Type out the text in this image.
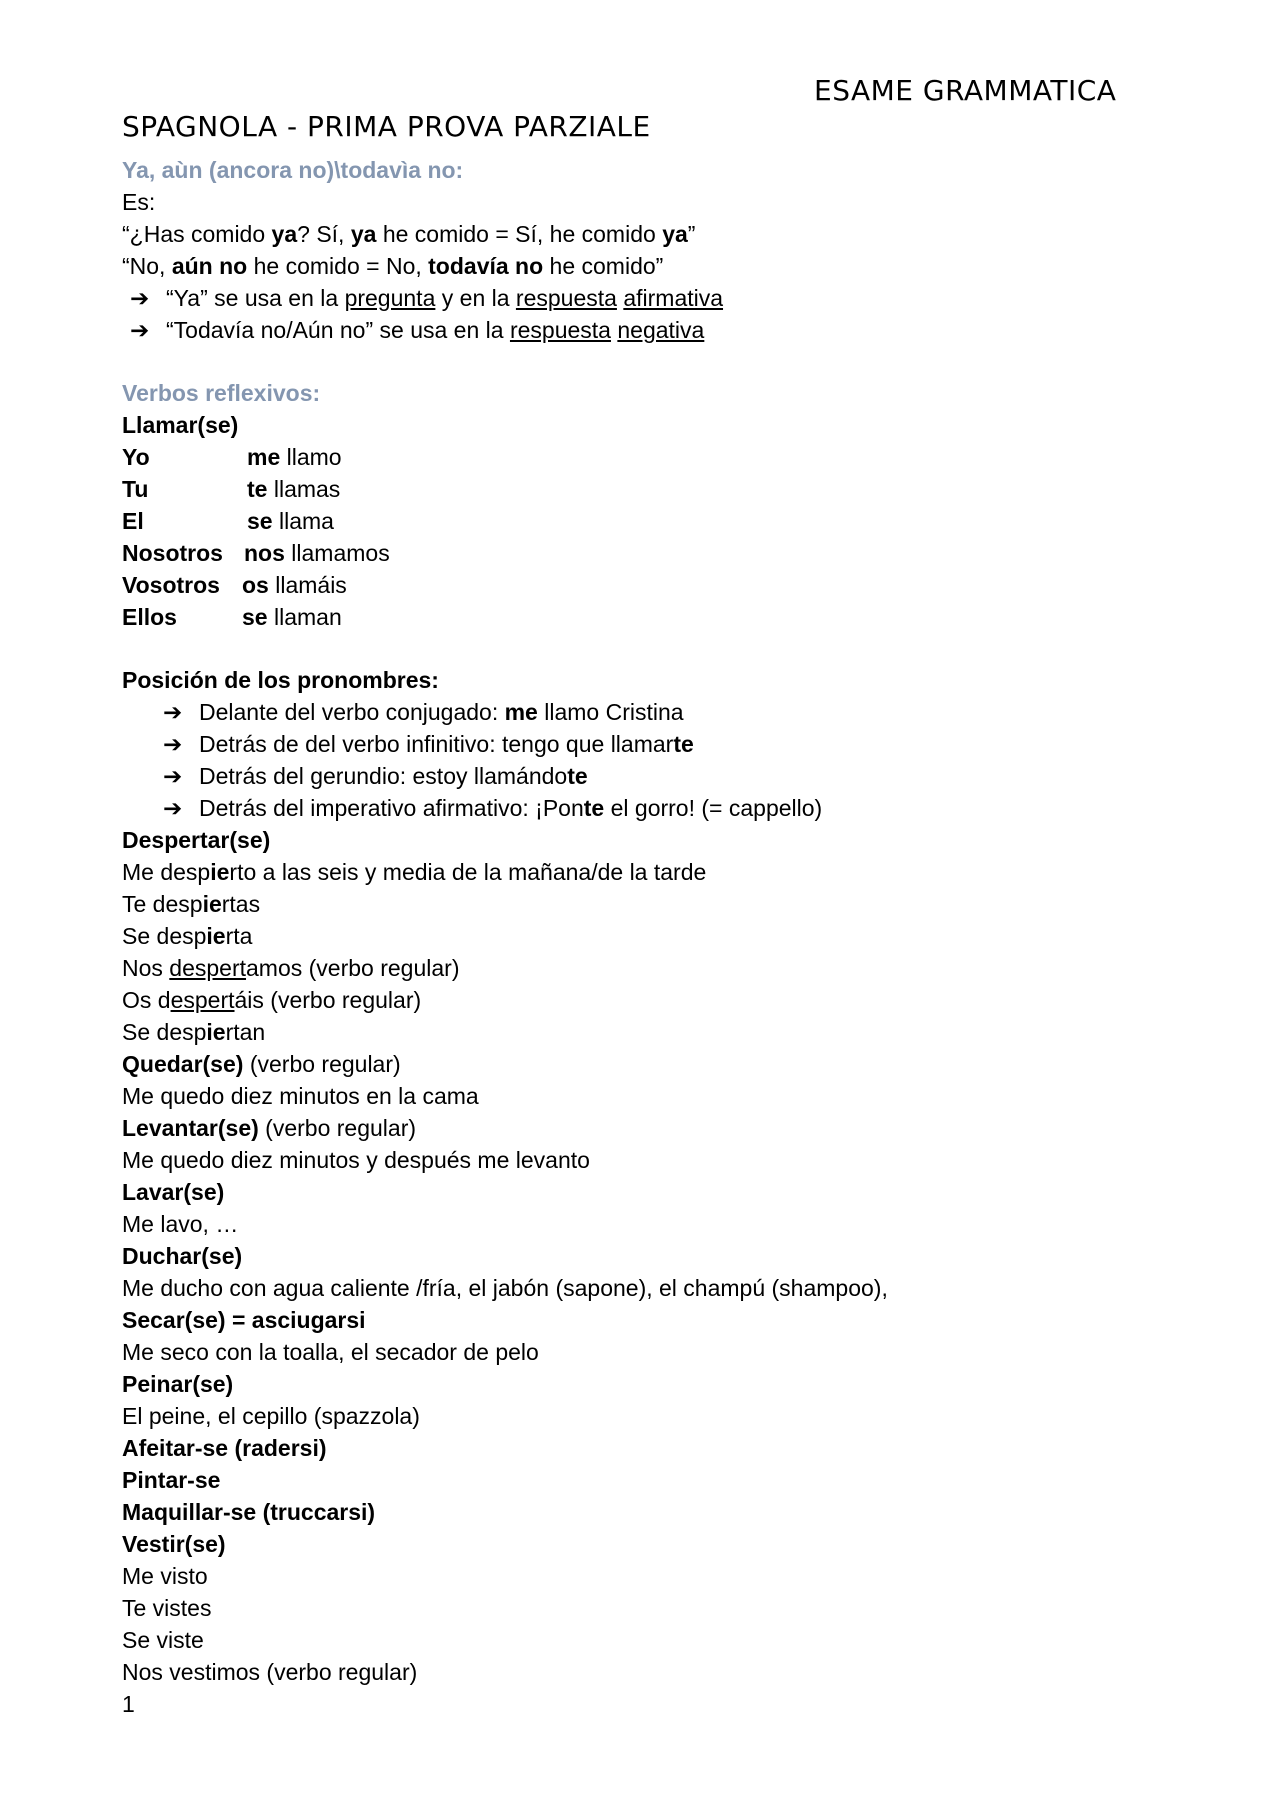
ESAME GRAMMATICA
SPAGNOLA - PRIMA PROVA PARZIALE
Ya, aùn (ancora no)\todavìa no:
Es:
“¿Has comido ya? Sí, ya he comido = Sí, he comido ya”
“No, aún no he comido = No, todavía no he comido”
➔ “Ya” se usa en la pregunta y en la respuesta afirmativa
➔ “Todavía no/Aún no” se usa en la respuesta negativa
Verbos reflexivos:
Llamar(se)
Yo	me llamo
Tu	te llamas
El	se llama
Nosotros nos llamamos
Vosotros os llamáis
Ellos	se llaman
Posición de los pronombres:
➔ Delante del verbo conjugado: me llamo Cristina
➔ Detrás de del verbo infinitivo: tengo que llamarte
➔ Detrás del gerundio: estoy llamándote
➔ Detrás del imperativo afirmativo: ¡Ponte el gorro! (= cappello)
Despertar(se)
Me despierto a las seis y media de la mañana/de la tarde
Te despiertas
Se despierta
Nos despertamos (verbo regular)
Os despertáis (verbo regular)
Se despiertan
Quedar(se) (verbo regular)
Me quedo diez minutos en la cama
Levantar(se) (verbo regular)
Me quedo diez minutos y después me levanto
Lavar(se)
Me lavo, …
Duchar(se)
Me ducho con agua caliente /fría, el jabón (sapone), el champú (shampoo),
Secar(se) = asciugarsi
Me seco con la toalla, el secador de pelo
Peinar(se)
El peine, el cepillo (spazzola)
Afeitar-se (radersi)
Pintar-se
Maquillar-se (truccarsi)
Vestir(se)
Me visto
Te vistes
Se viste
Nos vestimos (verbo regular)
1
